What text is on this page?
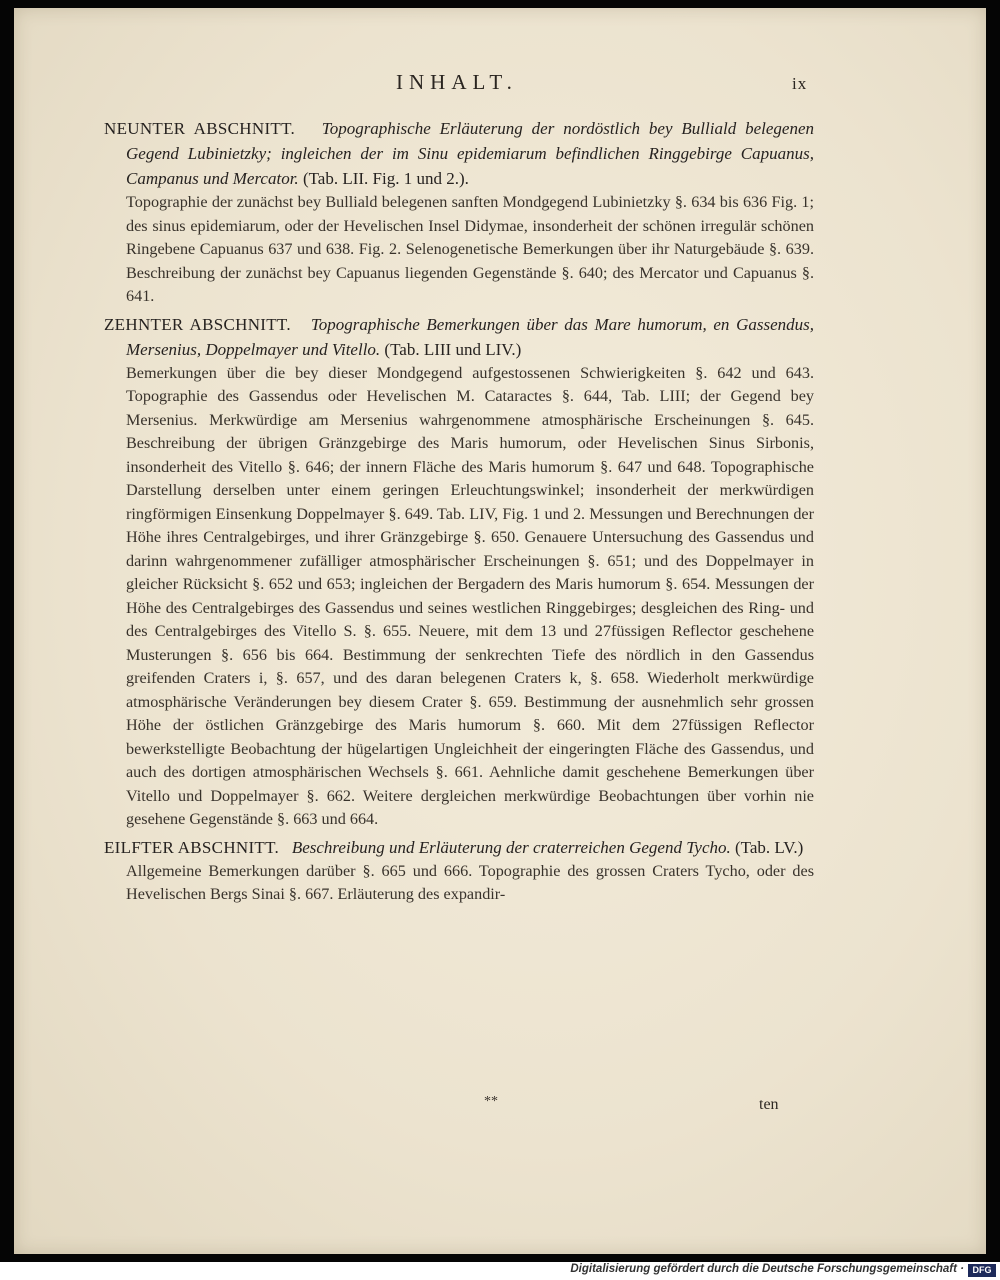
INHALT.	ix

NEUNTER ABSCHNITT. Topographische Erläuterung der nordöstlich bey Bulliald belegenen Gegend Lubinietzky; ingleichen der im Sinu epidemiarum befindlichen Ringgebirge Capuanus, Campanus und Mercator. (Tab. LII. Fig. 1 und 2.).

Topographie der zunächst bey Bulliald belegenen sanften Mondgegend Lubinietzky §. 634 bis 636 Fig. 1; des sinus epidemiarum, oder der Hevelischen Insel Didymae, insonderheit der schönen irregulär schönen Ringebene Capuanus 637 und 638. Fig. 2. Selenogenetische Bemerkungen über ihr Naturgebäude §. 639. Beschreibung der zunächst bey Capuanus liegenden Gegenstände §. 640; des Mercator und Capuanus §. 641.

ZEHNTER ABSCHNITT. Topographische Bemerkungen über das Mare humorum, en Gassendus, Mersenius, Doppelmayer und Vitello. (Tab. LIII und LIV.)

Bemerkungen über die bey dieser Mondgegend aufgestossenen Schwierigkeiten §. 642 und 643. Topographie des Gassendus oder Hevelischen M. Cataractes §. 644, Tab. LIII; der Gegend bey Mersenius. Merkwürdige am Mersenius wahrgenommene atmosphärische Erscheinungen §. 645. Beschreibung der übrigen Gränzgebirge des Maris humorum, oder Hevelischen Sinus Sirbonis, insonderheit des Vitello §. 646; der innern Fläche des Maris humorum §. 647 und 648. Topographische Darstellung derselben unter einem geringen Erleuchtungswinkel; insonderheit der merkwürdigen ringförmigen Einsenkung Doppelmayer §. 649. Tab. LIV, Fig. 1 und 2. Messungen und Berechnungen der Höhe ihres Centralgebirges, und ihrer Gränzgebirge §. 650. Genauere Untersuchung des Gassendus und darinn wahrgenommener zufälliger atmosphärischer Erscheinungen §. 651; und des Doppelmayer in gleicher Rücksicht §. 652 und 653; ingleichen der Bergadern des Maris humorum §. 654. Messungen der Höhe des Centralgebirges des Gassendus und seines westlichen Ringgebirges; desgleichen des Ring- und des Centralgebirges des Vitello S. §. 655. Neuere, mit dem 13 und 27füssigen Reflector geschehene Musterungen §. 656 bis 664. Bestimmung der senkrechten Tiefe des nördlich in den Gassendus greifenden Craters i, §. 657, und des daran belegenen Craters k, §. 658. Wiederholt merkwürdige atmosphärische Veränderungen bey diesem Crater §. 659. Bestimmung der ausnehmlich sehr grossen Höhe der östlichen Gränzgebirge des Maris humorum §. 660. Mit dem 27füssigen Reflector bewerkstelligte Beobachtung der hügelartigen Ungleichheit der eingeringten Fläche des Gassendus, und auch des dortigen atmosphärischen Wechsels §. 661. Aehnliche damit geschehene Bemerkungen über Vitello und Doppelmayer §. 662. Weitere dergleichen merkwürdige Beobachtungen über vorhin nie gesehene Gegenstände §. 663 und 664.

EILFTER ABSCHNITT. Beschreibung und Erläuterung der craterreichen Gegend Tycho. (Tab. LV.)

Allgemeine Bemerkungen darüber §. 665 und 666. Topographie des grossen Craters Tycho, oder des Hevelischen Bergs Sinai §. 667. Erläuterung des expandir-

**	ten
Digitalisierung gefördert durch die Deutsche Forschungsgemeinschaft · DFG
